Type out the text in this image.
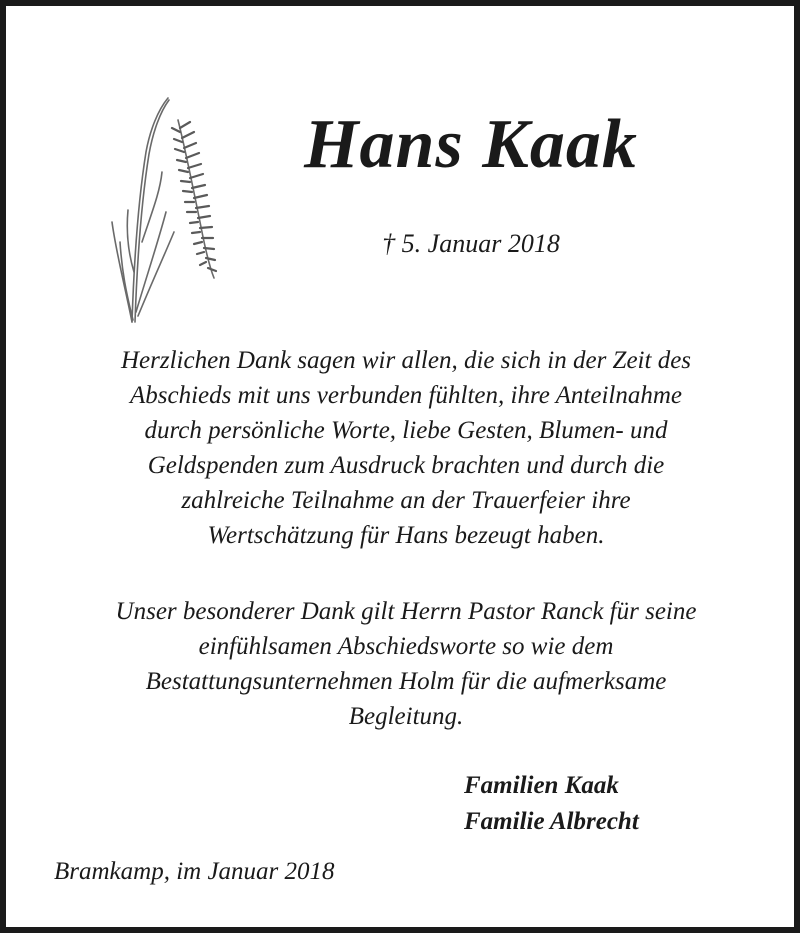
Hans Kaak
† 5. Januar 2018
Herzlichen Dank sagen wir allen, die sich in der Zeit des
Abschieds mit uns verbunden fühlten, ihre Anteilnahme
durch persönliche Worte, liebe Gesten, Blumen- und
Geldspenden zum Ausdruck brachten und durch die
zahlreiche Teilnahme an der Trauerfeier ihre
Wertschätzung für Hans bezeugt haben.
Unser besonderer Dank gilt Herrn Pastor Ranck für seine
einfühlsamen Abschiedsworte so wie dem
Bestattungsunternehmen Holm für die aufmerksame
Begleitung.
Familien Kaak
Familie Albrecht
Bramkamp, im Januar 2018
